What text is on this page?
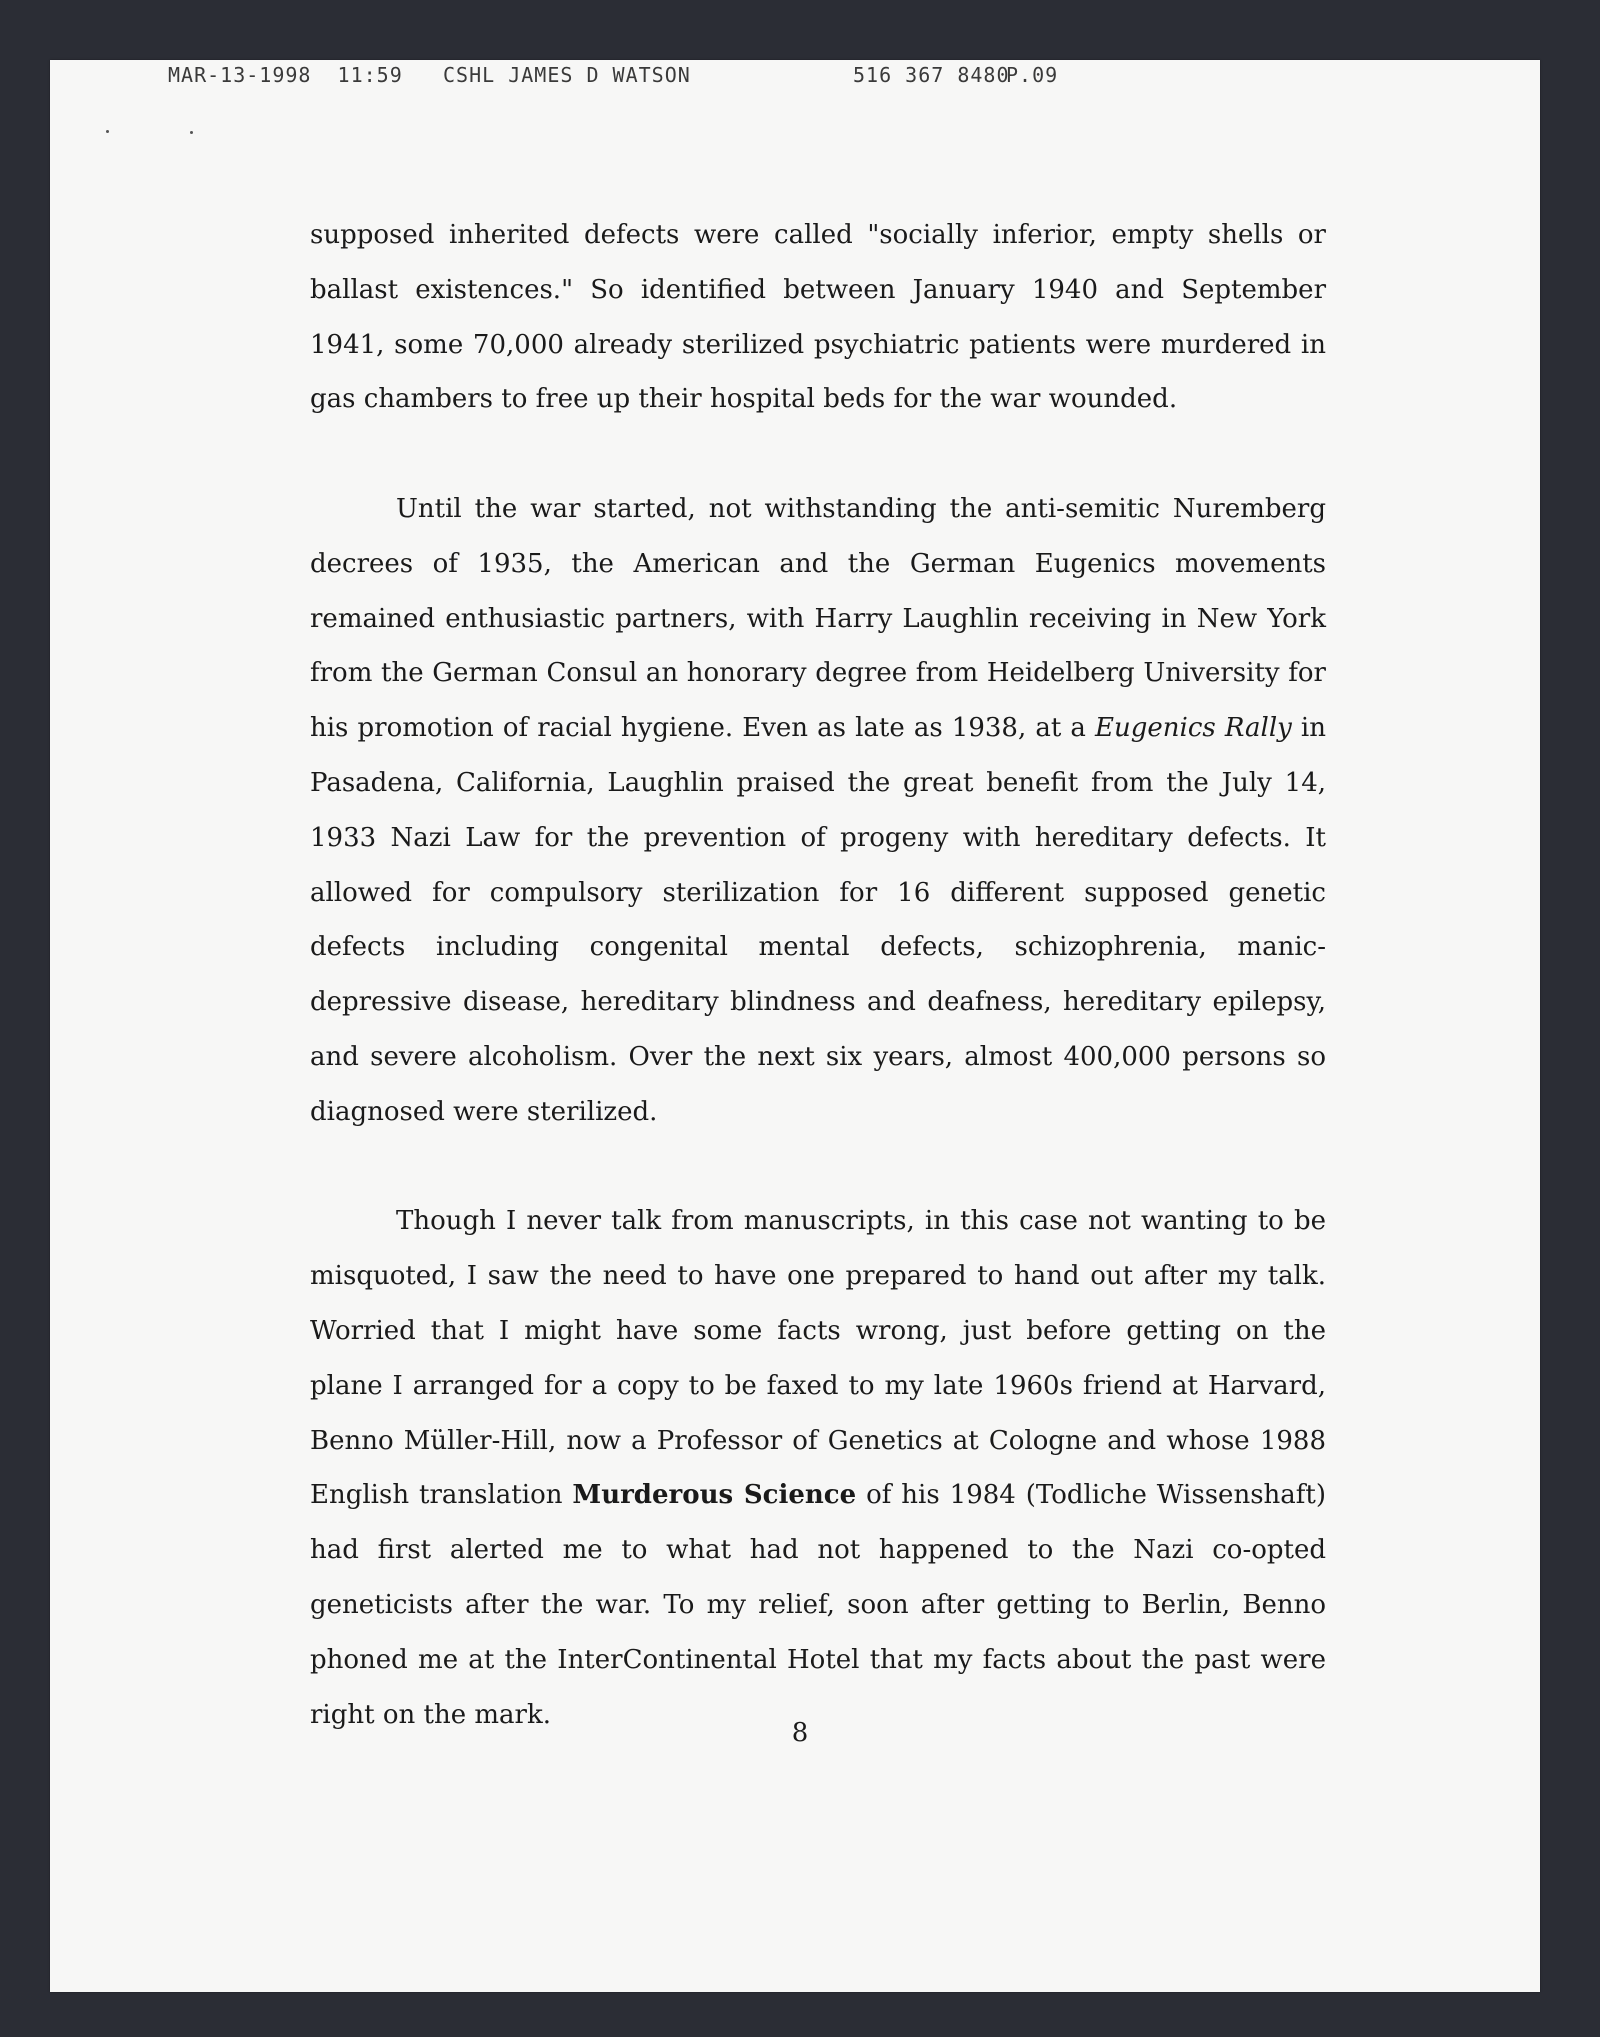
MAR-13-1998  11:59 CSHL JAMES D WATSON	516 367 8480
P.09

supposed inherited defects were called "socially inferior, empty shells or ballast existences." So identified between January 1940 and September 1941, some 70,000 already sterilized psychiatric patients were murdered in gas chambers to free up their hospital beds for the war wounded.

Until the war started, not withstanding the anti-semitic Nuremberg decrees of 1935, the American and the German Eugenics movements remained enthusiastic partners, with Harry Laughlin receiving in New York from the German Consul an honorary degree from Heidelberg University for his promotion of racial hygiene. Even as late as 1938, at a Eugenics Rally in Pasadena, California, Laughlin praised the great benefit from the July 14, 1933 Nazi Law for the prevention of progeny with hereditary defects. It allowed for compulsory sterilization for 16 different supposed genetic defects including congenital mental defects, schizophrenia, manic-depressive disease, hereditary blindness and deafness, hereditary epilepsy, and severe alcoholism. Over the next six years, almost 400,000 persons so diagnosed were sterilized.

Though I never talk from manuscripts, in this case not wanting to be misquoted, I saw the need to have one prepared to hand out after my talk. Worried that I might have some facts wrong, just before getting on the plane I arranged for a copy to be faxed to my late 1960s friend at Harvard, Benno Müller-Hill, now a Professor of Genetics at Cologne and whose 1988 English translation Murderous Science of his 1984 (Todliche Wissenshaft) had first alerted me to what had not happened to the Nazi co-opted geneticists after the war. To my relief, soon after getting to Berlin, Benno phoned me at the InterContinental Hotel that my facts about the past were right on the mark.

8
